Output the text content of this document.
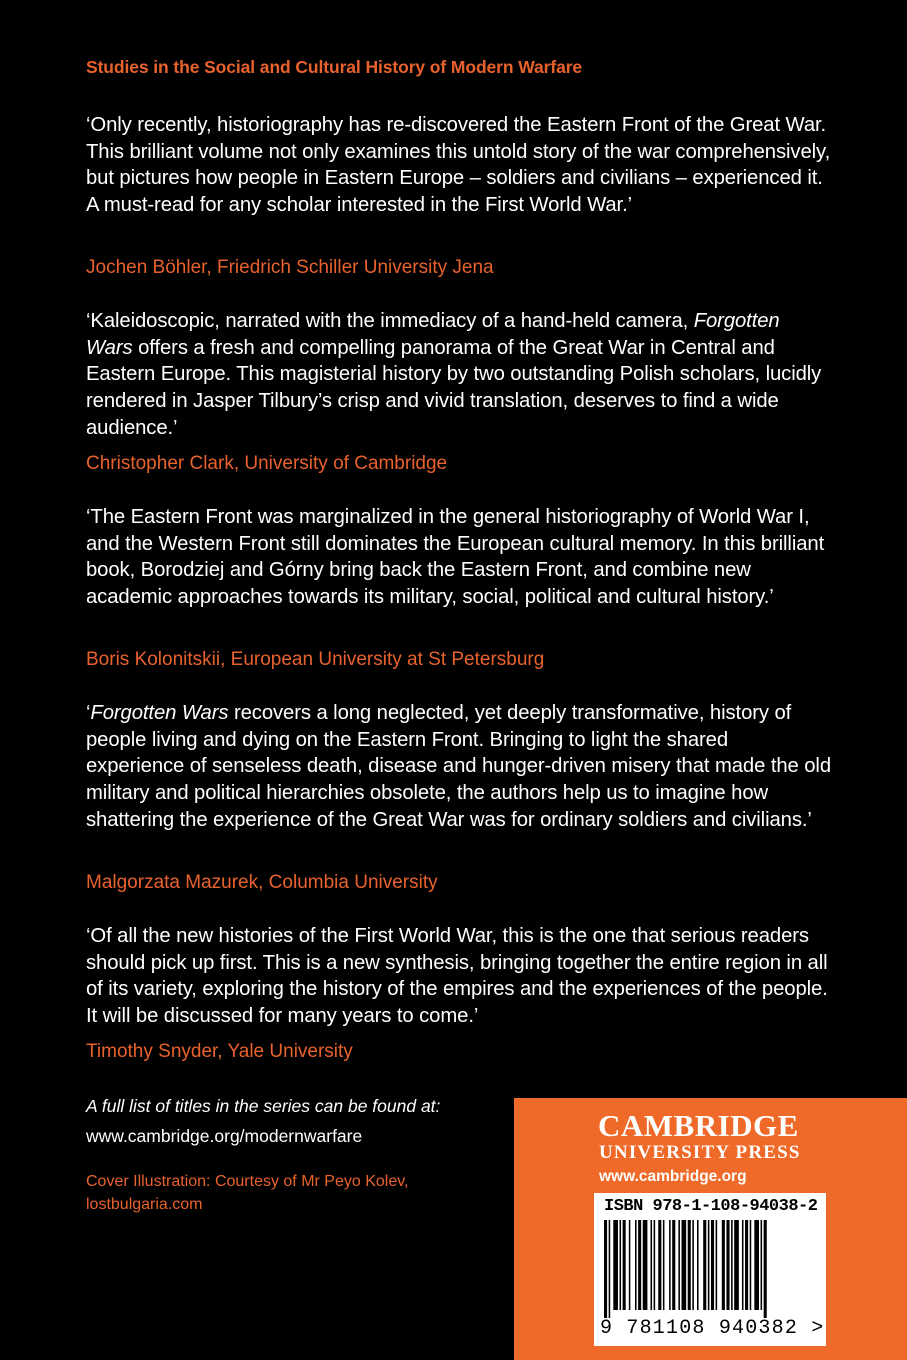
Studies in the Social and Cultural History of Modern Warfare
‘Only recently, historiography has re-discovered the Eastern Front of the Great War. This brilliant volume not only examines this untold story of the war comprehensively, but pictures how people in Eastern Europe – soldiers and civilians – experienced it. A must-read for any scholar interested in the First World War.’
Jochen Böhler, Friedrich Schiller University Jena
‘Kaleidoscopic, narrated with the immediacy of a hand-held camera, Forgotten Wars offers a fresh and compelling panorama of the Great War in Central and Eastern Europe. This magisterial history by two outstanding Polish scholars, lucidly rendered in Jasper Tilbury’s crisp and vivid translation, deserves to find a wide audience.’
Christopher Clark, University of Cambridge
‘The Eastern Front was marginalized in the general historiography of World War I, and the Western Front still dominates the European cultural memory. In this brilliant book, Borodziej and Górny bring back the Eastern Front, and combine new academic approaches towards its military, social, political and cultural history.’
Boris Kolonitskii, European University at St Petersburg
‘Forgotten Wars recovers a long neglected, yet deeply transformative, history of people living and dying on the Eastern Front. Bringing to light the shared experience of senseless death, disease and hunger-driven misery that made the old military and political hierarchies obsolete, the authors help us to imagine how shattering the experience of the Great War was for ordinary soldiers and civilians.’
Malgorzata Mazurek, Columbia University
‘Of all the new histories of the First World War, this is the one that serious readers should pick up first. This is a new synthesis, bringing together the entire region in all of its variety, exploring the history of the empires and the experiences of the people. It will be discussed for many years to come.’
Timothy Snyder, Yale University
A full list of titles in the series can be found at:
www.cambridge.org/modernwarfare
Cover Illustration: Courtesy of Mr Peyo Kolev, lostbulgaria.com
CAMBRIDGE
UNIVERSITY PRESS
www.cambridge.org
ISBN 978-1-108-94038-2
9 781108 940382 >
